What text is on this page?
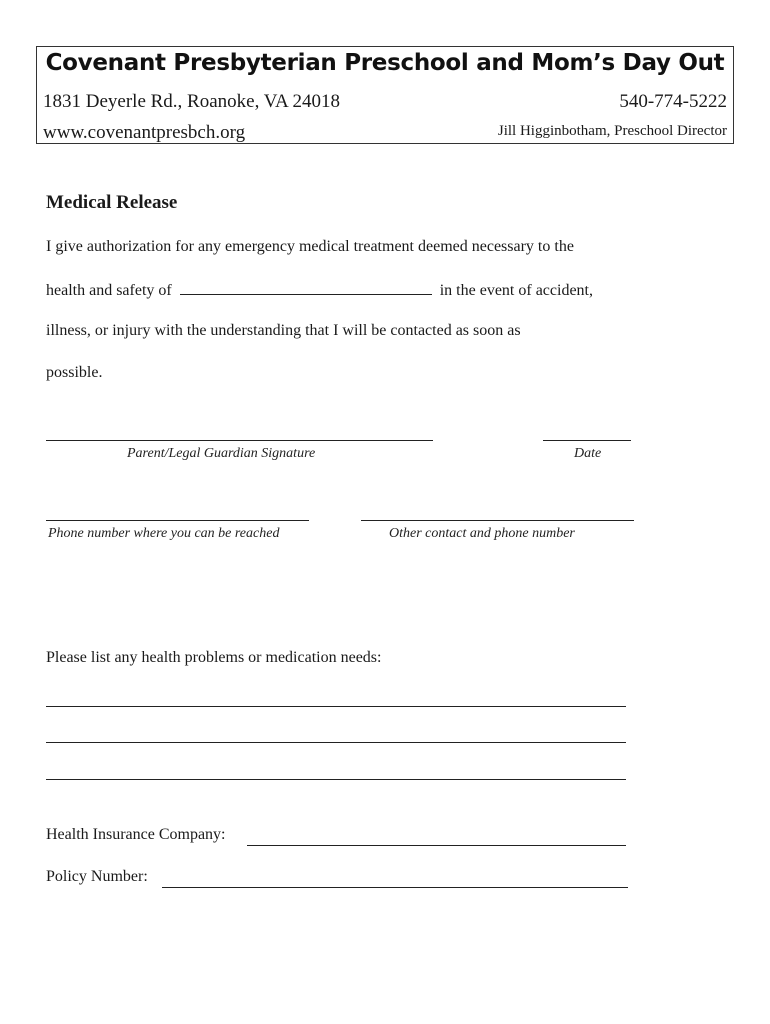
Covenant Presbyterian Preschool and Mom’s Day Out
1831 Deyerle Rd., Roanoke, VA 24018	540-774-5222
www.covenantpresbch.org	Jill Higginbotham, Preschool Director
Medical Release
I give authorization for any emergency medical treatment deemed necessary to the
health and safety of	in the event of accident,
illness, or injury with the understanding that I will be contacted as soon as
possible.
Parent/Legal Guardian Signature	Date
Phone number where you can be reached	Other contact and phone number
Please list any health problems or medication needs:
Health Insurance Company:
Policy Number:
